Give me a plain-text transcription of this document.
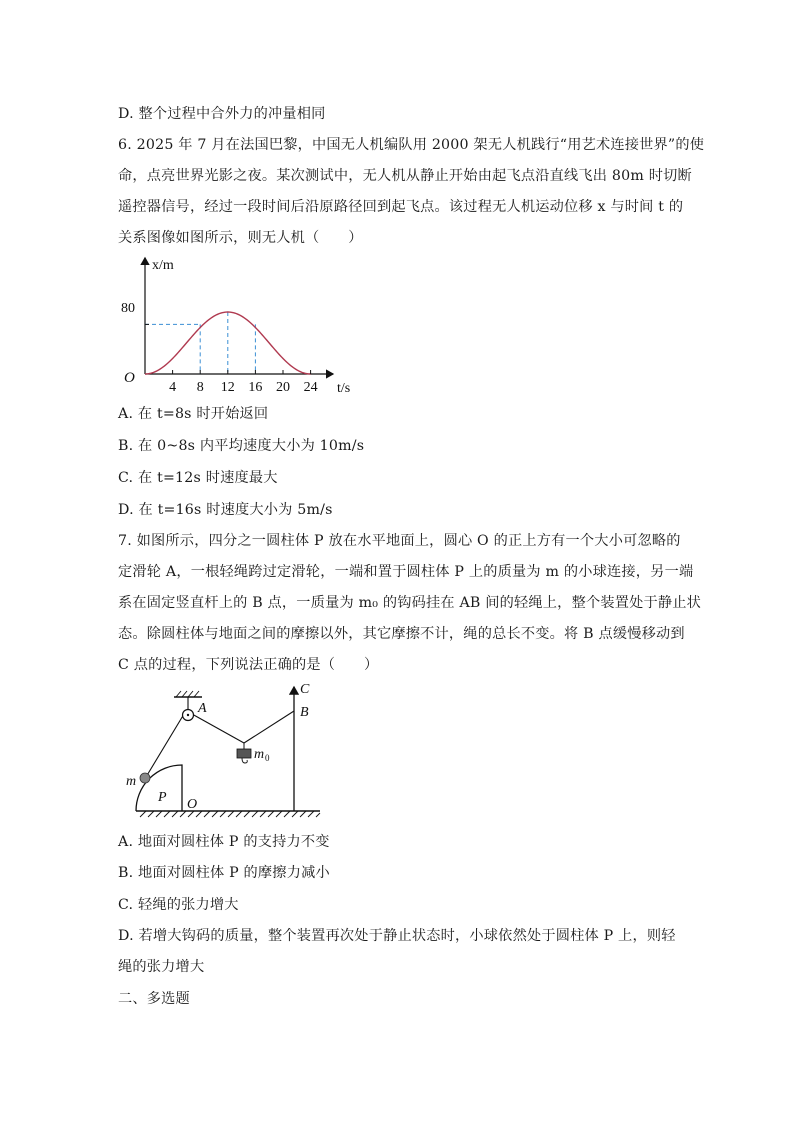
D. 整个过程中合外力的冲量相同
6. 2025 年 7 月在法国巴黎，中国无人机编队用 2000 架无人机践行“用艺术连接世界”的使
命，点亮世界光影之夜。某次测试中，无人机从静止开始由起飞点沿直线飞出 80m 时切断
遥控器信号，经过一段时间后沿原路径回到起飞点。该过程无人机运动位移 x 与时间 t 的
关系图像如图所示，则无人机（　　）
4 8 12 16 20 24
80
O
x/m
t/s
A. 在 t=8s 时开始返回
B. 在 0~8s 内平均速度大小为 10m/s
C. 在 t=12s 时速度最大
D. 在 t=16s 时速度大小为 5m/s
7. 如图所示，四分之一圆柱体 P 放在水平地面上，圆心 O 的正上方有一个大小可忽略的
定滑轮 A，一根轻绳跨过定滑轮，一端和置于圆柱体 P 上的质量为 m 的小球连接，另一端
系在固定竖直杆上的 B 点，一质量为 m₀ 的钩码挂在 AB 间的轻绳上，整个装置处于静止状
态。除圆柱体与地面之间的摩擦以外，其它摩擦不计，绳的总长不变。将 B 点缓慢移动到
C 点的过程，下列说法正确的是（　　）
A
C
B
m
m 0
P O
A. 地面对圆柱体 P 的支持力不变
B. 地面对圆柱体 P 的摩擦力减小
C. 轻绳的张力增大
D. 若增大钩码的质量，整个装置再次处于静止状态时，小球依然处于圆柱体 P 上，则轻
绳的张力增大
二、多选题
